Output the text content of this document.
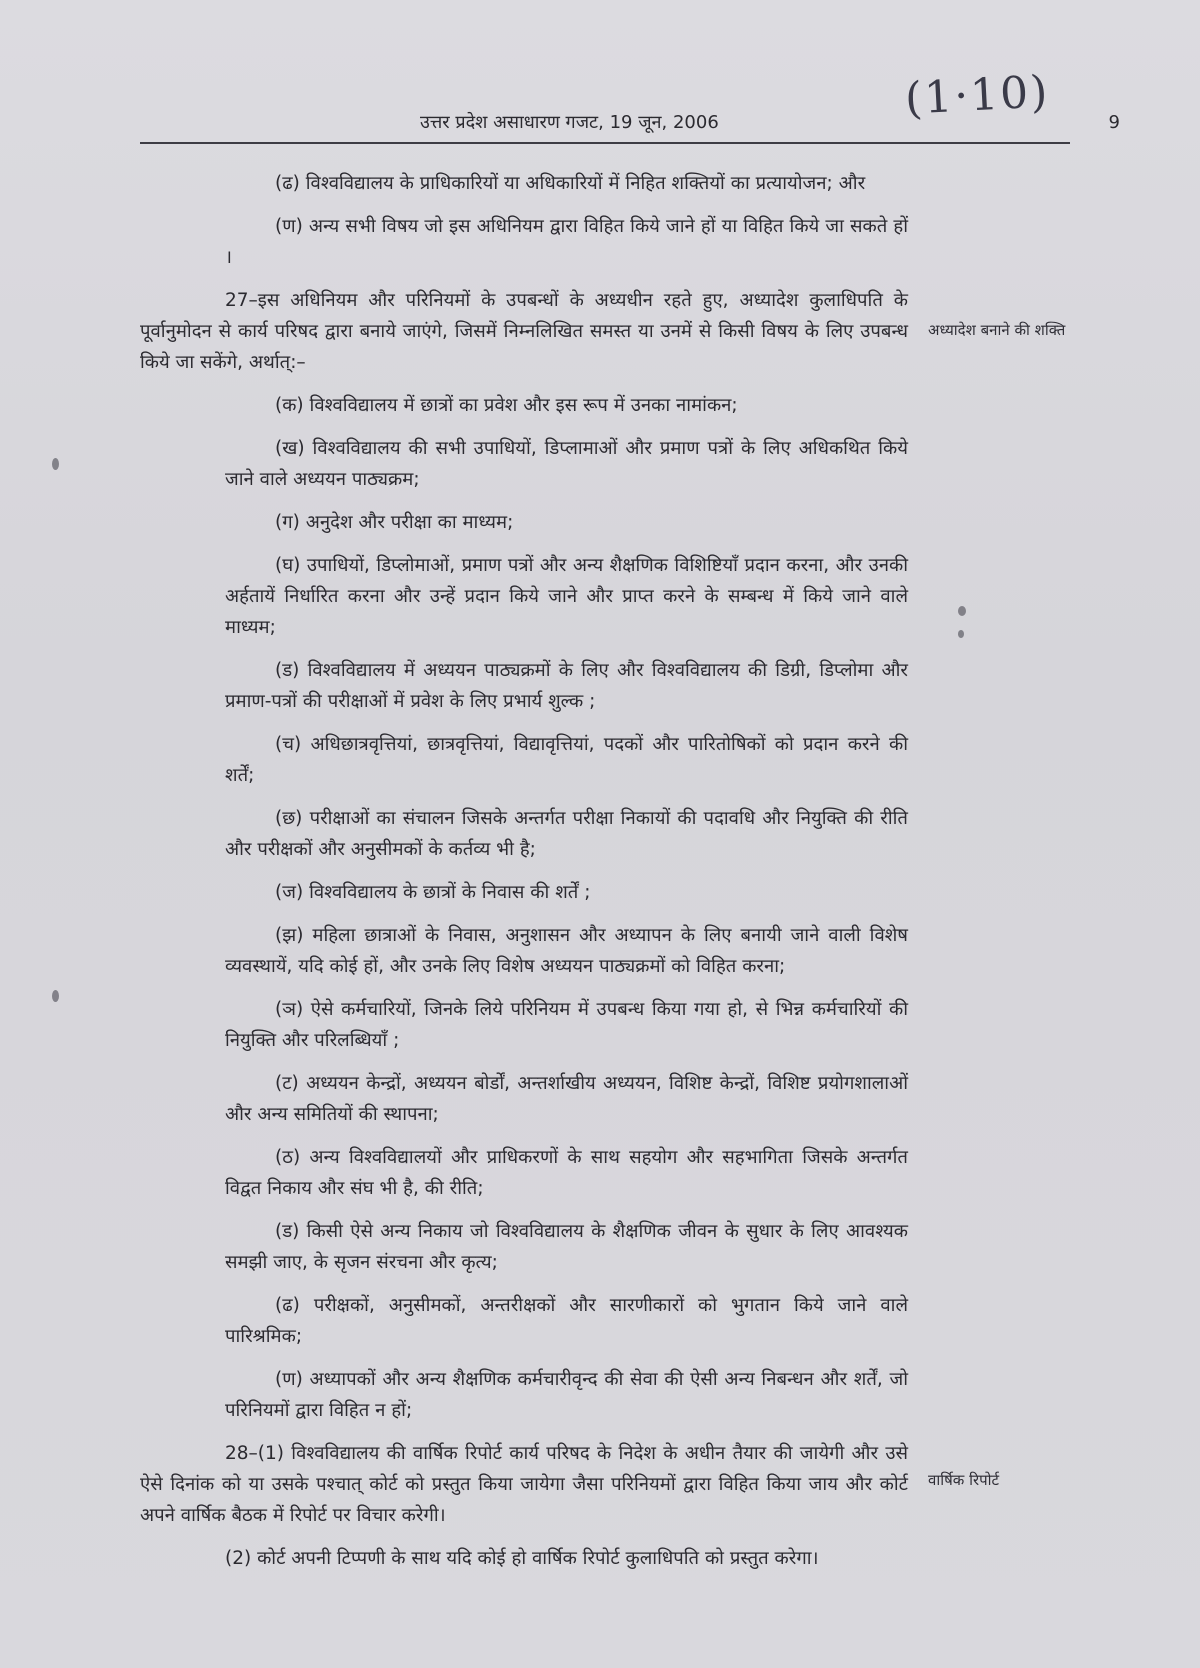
(1·10)
उत्तर प्रदेश असाधारण गजट, 19 जून, 2006	9

(ढ) विश्वविद्यालय के प्राधिकारियों या अधिकारियों में निहित शक्तियों का प्रत्यायोजन; और

(ण) अन्य सभी विषय जो इस अधिनियम द्वारा विहित किये जाने हों या विहित किये जा सकते हों ।

27–इस अधिनियम और परिनियमों के उपबन्धों के अध्यधीन रहते हुए, अध्यादेश कुलाधिपति के पूर्वानुमोदन से कार्य परिषद द्वारा बनाये जाएंगे, जिसमें निम्नलिखित समस्त या उनमें से किसी विषय के लिए उपबन्ध किये जा सकेंगे, अर्थात्:–

(क) विश्वविद्यालय में छात्रों का प्रवेश और इस रूप में उनका नामांकन;

(ख) विश्वविद्यालय की सभी उपाधियों, डिप्लामाओं और प्रमाण पत्रों के लिए अधिकथित किये जाने वाले अध्ययन पाठ्यक्रम;

(ग) अनुदेश और परीक्षा का माध्यम;

(घ) उपाधियों, डिप्लोमाओं, प्रमाण पत्रों और अन्य शैक्षणिक विशिष्टियाँ प्रदान करना, और उनकी अर्हतायें निर्धारित करना और उन्हें प्रदान किये जाने और प्राप्त करने के सम्बन्ध में किये जाने वाले माध्यम;

(ड) विश्वविद्यालय में अध्ययन पाठ्यक्रमों के लिए और विश्वविद्यालय की डिग्री, डिप्लोमा और प्रमाण-पत्रों की परीक्षाओं में प्रवेश के लिए प्रभार्य शुल्क ;

(च) अधिछात्रवृत्तियां, छात्रवृत्तियां, विद्यावृत्तियां, पदकों और पारितोषिकों को प्रदान करने की शर्तें;

(छ) परीक्षाओं का संचालन जिसके अन्तर्गत परीक्षा निकायों की पदावधि और नियुक्ति की रीति और परीक्षकों और अनुसीमकों के कर्तव्य भी है;

(ज) विश्वविद्यालय के छात्रों के निवास की शर्तें ;

(झ) महिला छात्राओं के निवास, अनुशासन और अध्यापन के लिए बनायी जाने वाली विशेष व्यवस्थायें, यदि कोई हों, और उनके लिए विशेष अध्ययन पाठ्यक्रमों को विहित करना;

(ञ) ऐसे कर्मचारियों, जिनके लिये परिनियम में उपबन्ध किया गया हो, से भिन्न कर्मचारियों की नियुक्ति और परिलब्धियाँ ;

(ट) अध्ययन केन्द्रों, अध्ययन बोर्डों, अन्तर्शाखीय अध्ययन, विशिष्ट केन्द्रों, विशिष्ट प्रयोगशालाओं और अन्य समितियों की स्थापना;

(ठ) अन्य विश्वविद्यालयों और प्राधिकरणों के साथ सहयोग और सहभागिता जिसके अन्तर्गत विद्वत निकाय और संघ भी है, की रीति;

(ड) किसी ऐसे अन्य निकाय जो विश्वविद्यालय के शैक्षणिक जीवन के सुधार के लिए आवश्यक समझी जाए, के सृजन संरचना और कृत्य;

(ढ) परीक्षकों, अनुसीमकों, अन्तरीक्षकों और सारणीकारों को भुगतान किये जाने वाले पारिश्रमिक;

(ण) अध्यापकों और अन्य शैक्षणिक कर्मचारीवृन्द की सेवा की ऐसी अन्य निबन्धन और शर्तें, जो परिनियमों द्वारा विहित न हों;

28–(1) विश्वविद्यालय की वार्षिक रिपोर्ट कार्य परिषद के निदेश के अधीन तैयार की जायेगी और उसे ऐसे दिनांक को या उसके पश्चात् कोर्ट को प्रस्तुत किया जायेगा जैसा परिनियमों द्वारा विहित किया जाय और कोर्ट अपने वार्षिक बैठक में रिपोर्ट पर विचार करेगी।

(2) कोर्ट अपनी टिप्पणी के साथ यदि कोई हो वार्षिक रिपोर्ट कुलाधिपति को प्रस्तुत करेगा।

अध्यादेश बनाने की शक्ति
वार्षिक रिपोर्ट
